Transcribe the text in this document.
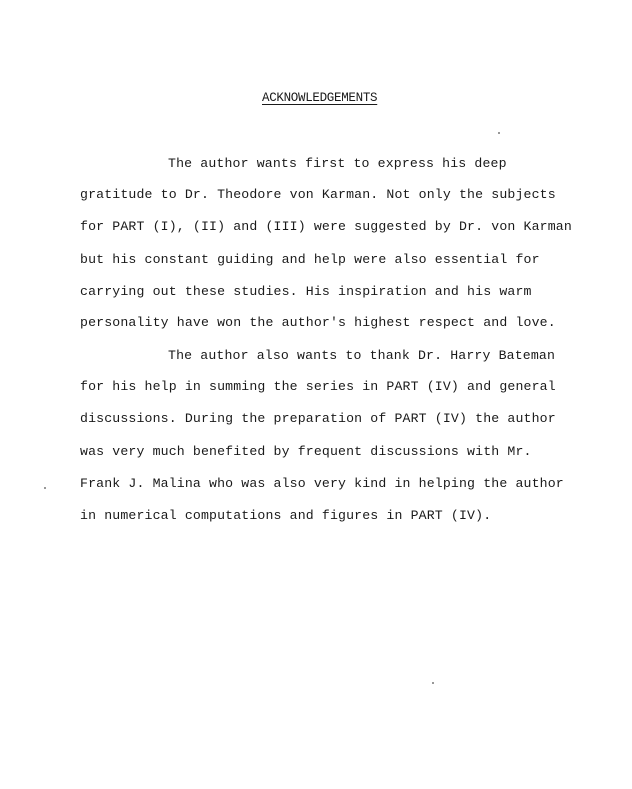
ACKNOWLEDGEMENTS
The author wants first to express his deep
gratitude to Dr. Theodore von Karman. Not only the subjects
for PART (I), (II) and (III) were suggested by Dr. von Karman
but his constant guiding and help were also essential for
carrying out these studies. His inspiration and his warm
personality have won the author's highest respect and love.
The author also wants to thank Dr. Harry Bateman
for his help in summing the series in PART (IV) and general
discussions. During the preparation of PART (IV) the author
was very much benefited by frequent discussions with Mr.
Frank J. Malina who was also very kind in helping the author
in numerical computations and figures in PART (IV).
